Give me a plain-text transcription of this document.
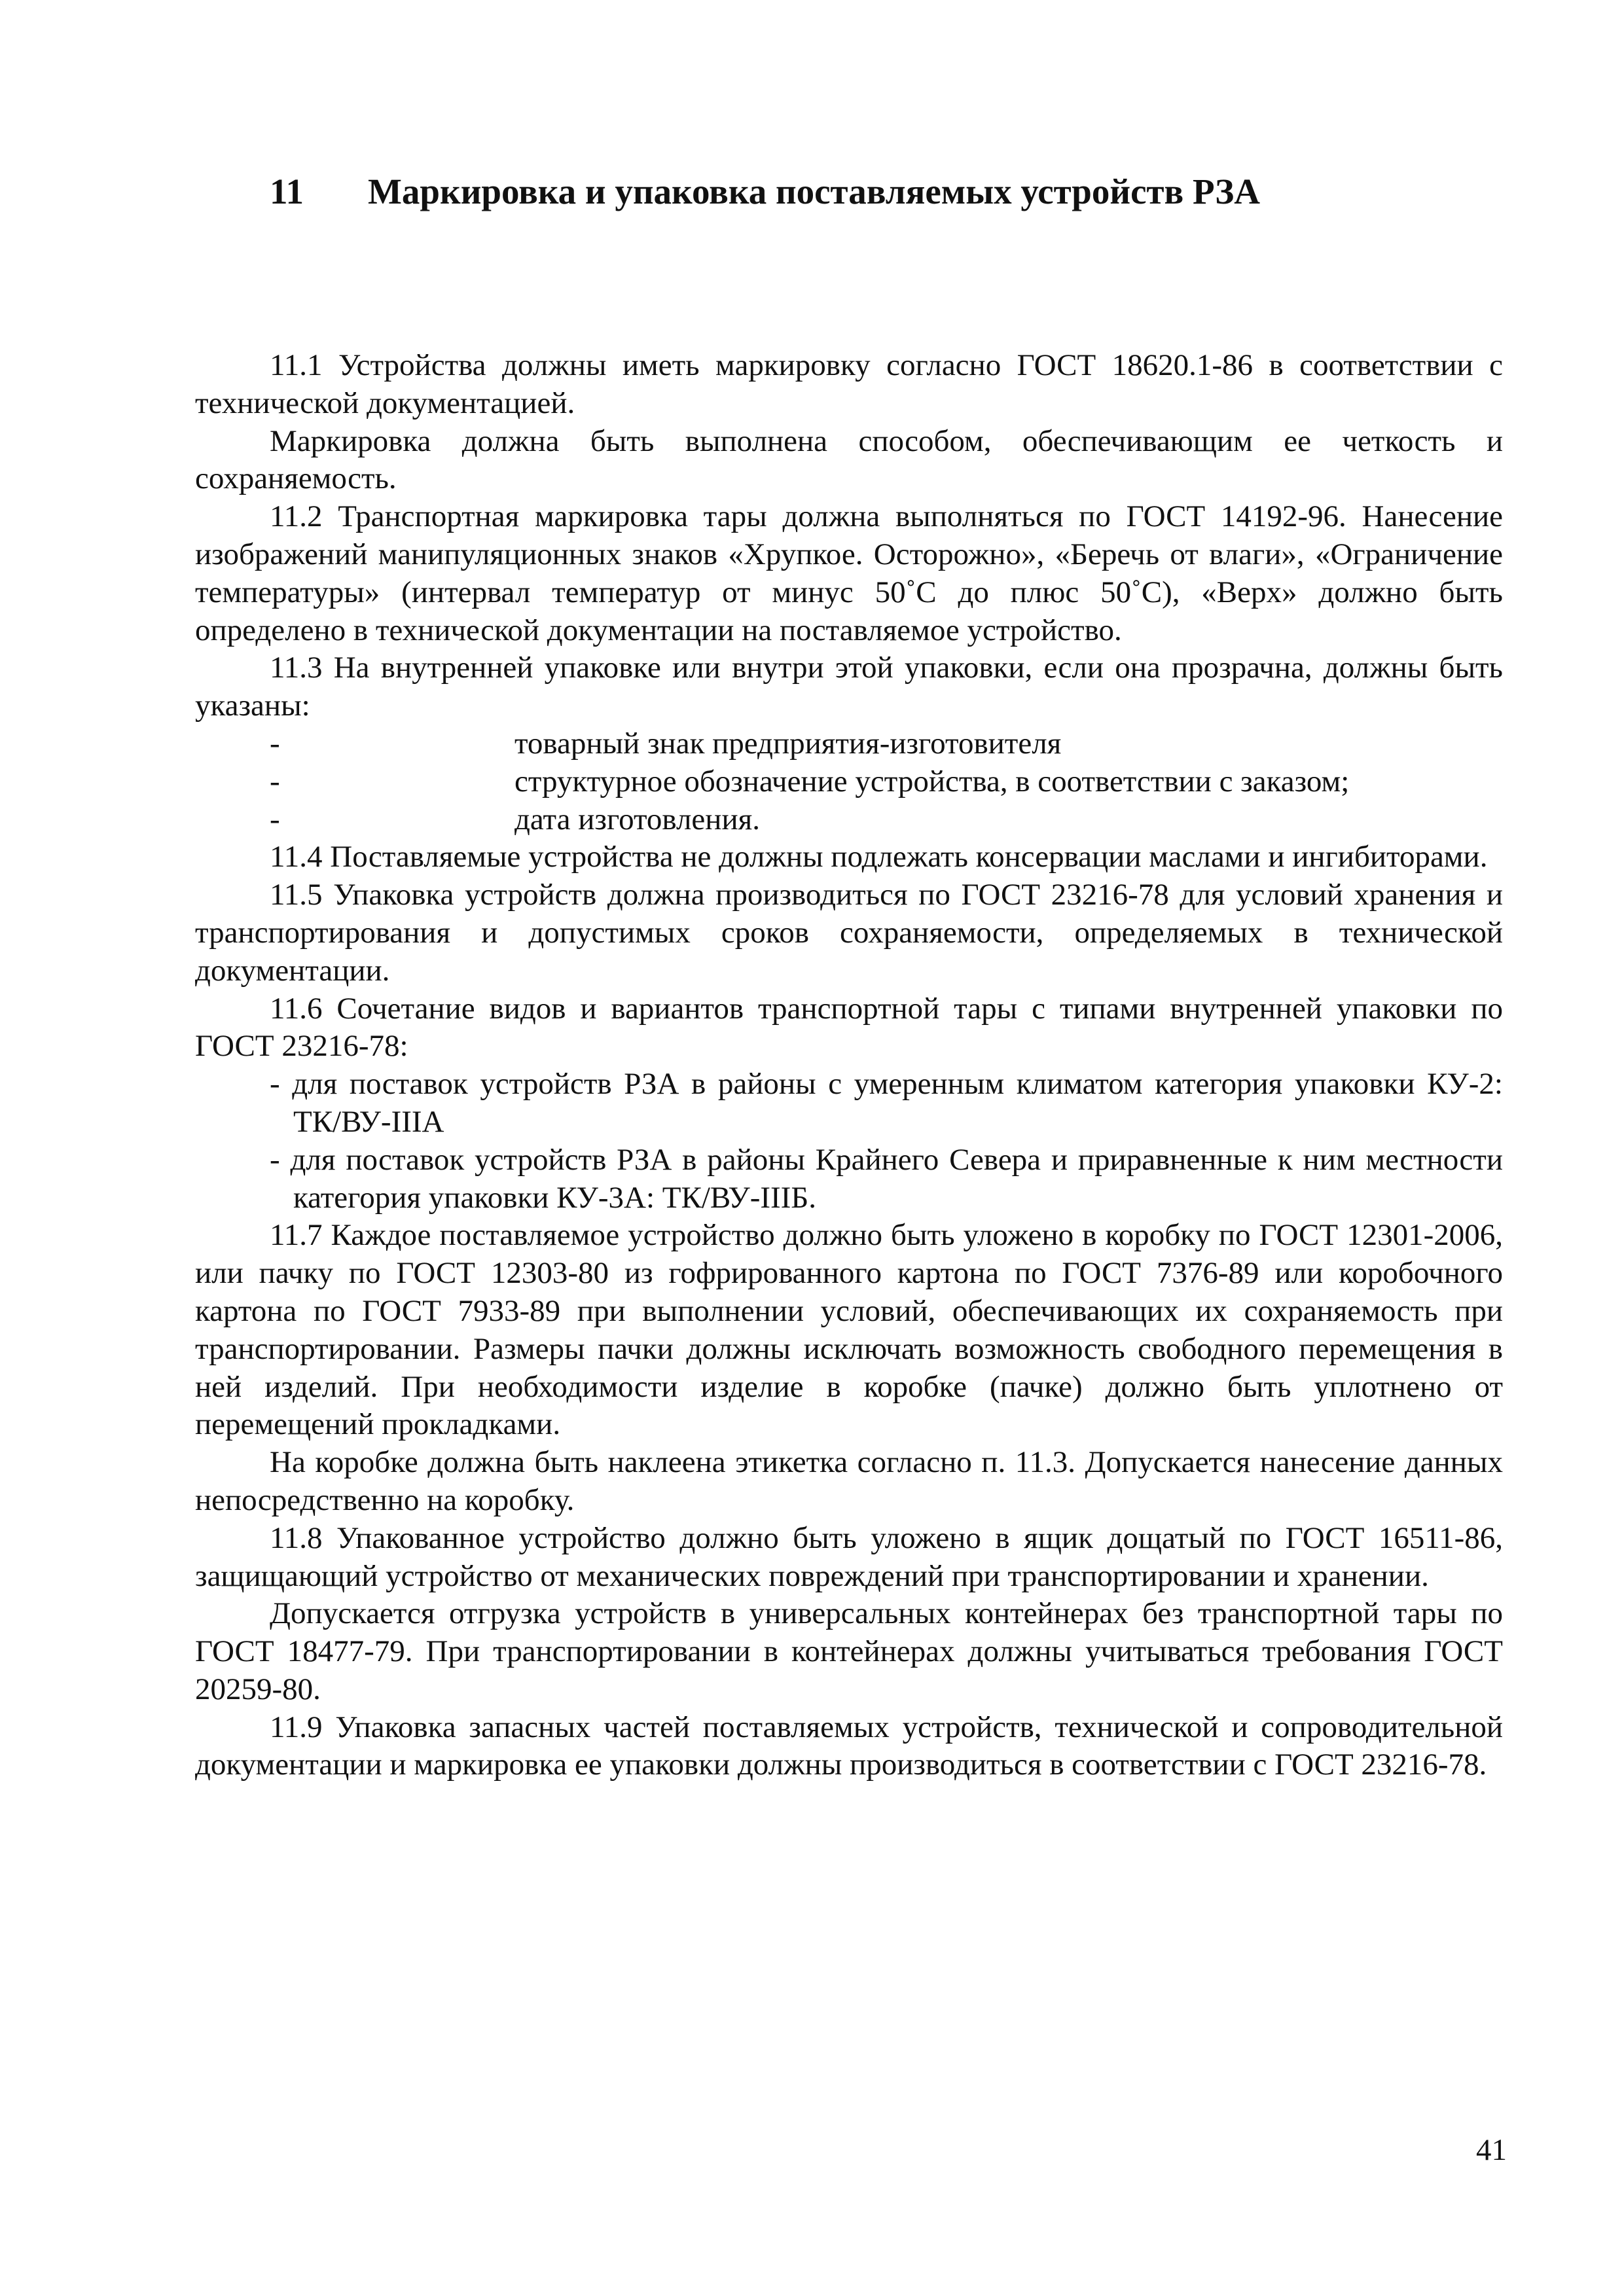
11 Маркировка и упаковка поставляемых устройств РЗА

11.1 Устройства должны иметь маркировку согласно ГОСТ 18620.1-86 в соответствии с технической документацией.

Маркировка должна быть выполнена способом, обеспечивающим ее четкость и сохраняемость.

11.2 Транспортная маркировка тары должна выполняться по ГОСТ 14192-96. Нанесение изображений манипуляционных знаков «Хрупкое. Осторожно», «Беречь от влаги», «Ограничение температуры» (интервал температур от минус 50˚С до плюс 50˚С), «Верх» должно быть определено в технической документации на поставляемое устройство.

11.3 На внутренней упаковке или внутри этой упаковки, если она прозрачна, должны быть указаны:

-	товарный знак предприятия-изготовителя
-	структурное обозначение устройства, в соответствии с заказом;
-	дата изготовления.

11.4 Поставляемые устройства не должны подлежать консервации маслами и ингибиторами.

11.5 Упаковка устройств должна производиться по ГОСТ 23216-78 для условий хранения и транспортирования и допустимых сроков сохраняемости, определяемых в технической документации.

11.6 Сочетание видов и вариантов транспортной тары с типами внутренней упаковки по ГОСТ 23216-78:

- для поставок устройств РЗА в районы с умеренным климатом категория упаковки КУ-2: ТК/ВУ-IIIА

- для поставок устройств РЗА в районы Крайнего Севера и приравненные к ним местности категория упаковки КУ-3А: ТК/ВУ-IIIБ.

11.7 Каждое поставляемое устройство должно быть уложено в коробку по ГОСТ 12301-2006, или пачку по ГОСТ 12303-80 из гофрированного картона по ГОСТ 7376-89 или коробочного картона по ГОСТ 7933-89 при выполнении условий, обеспечивающих их сохраняемость при транспортировании. Размеры пачки должны исключать возможность свободного перемещения в ней изделий. При необходимости изделие в коробке (пачке) должно быть уплотнено от перемещений прокладками.

На коробке должна быть наклеена этикетка согласно п. 11.3. Допускается нанесение данных непосредственно на коробку.

11.8 Упакованное устройство должно быть уложено в ящик дощатый по ГОСТ 16511-86, защищающий устройство от механических повреждений при транспортировании и хранении.

Допускается отгрузка устройств в универсальных контейнерах без транспортной тары по ГОСТ 18477-79. При транспортировании в контейнерах должны учитываться требования ГОСТ 20259-80.

11.9 Упаковка запасных частей поставляемых устройств, технической и сопроводительной документации и маркировка ее упаковки должны производиться в соответствии с ГОСТ 23216-78.

41
